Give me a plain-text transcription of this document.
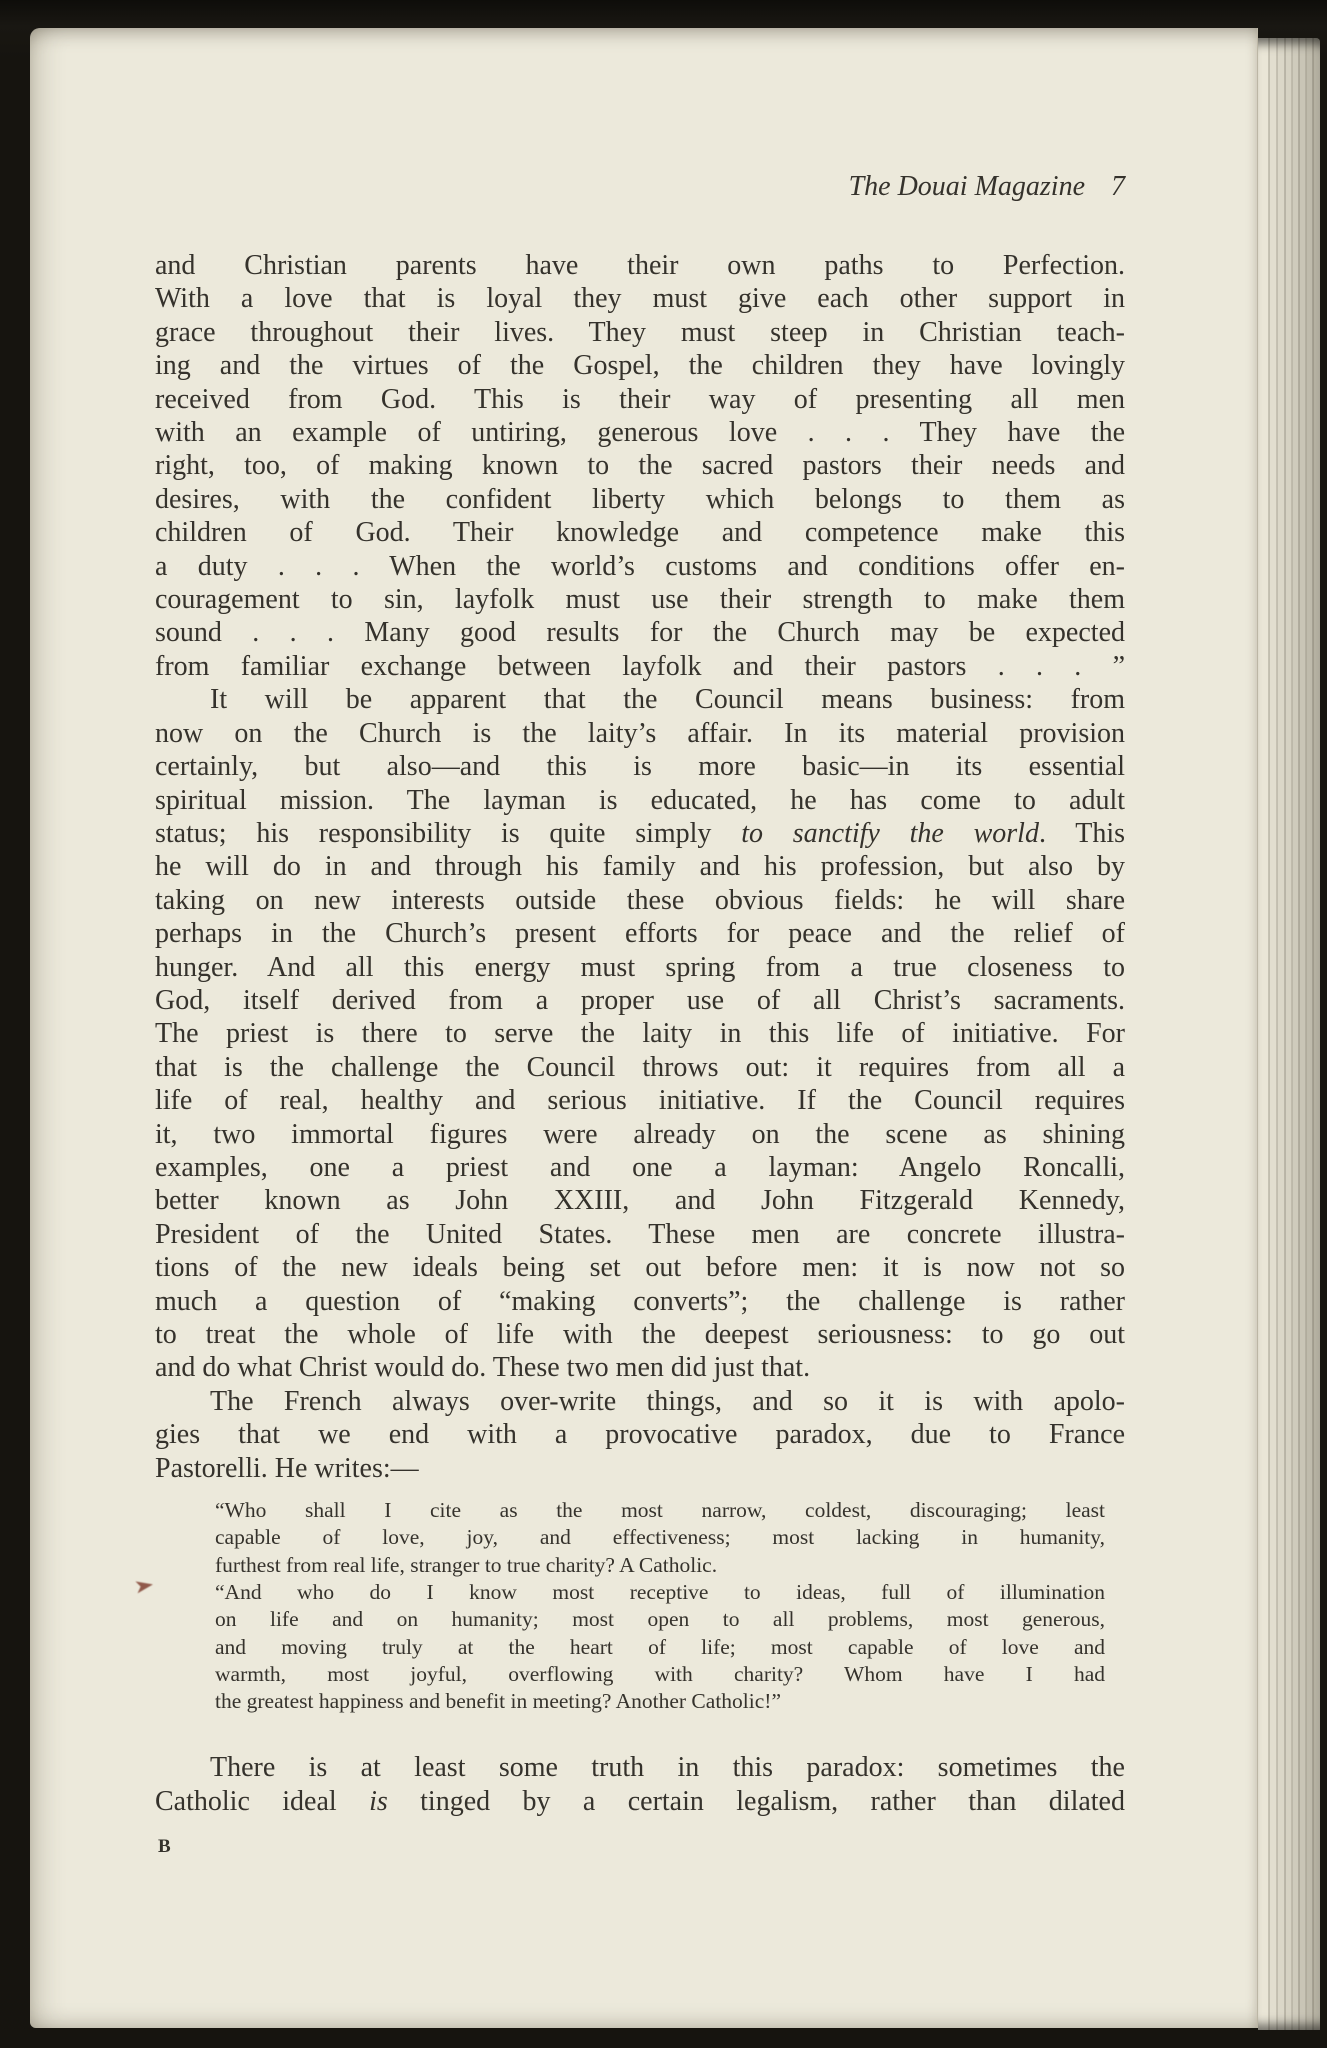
The Douai Magazine 7
and Christian parents have their own paths to Perfection.
With a love that is loyal they must give each other support in
grace throughout their lives. They must steep in Christian teach-
ing and the virtues of the Gospel, the children they have lovingly
received from God. This is their way of presenting all men
with an example of untiring, generous love . . . They have the
right, too, of making known to the sacred pastors their needs and
desires, with the confident liberty which belongs to them as
children of God. Their knowledge and competence make this
a duty . . . When the world’s customs and conditions offer en-
couragement to sin, layfolk must use their strength to make them
sound . . . Many good results for the Church may be expected
from familiar exchange between layfolk and their pastors . . . ”
It will be apparent that the Council means business: from
now on the Church is the laity’s affair. In its material provision
certainly, but also—and this is more basic—in its essential
spiritual mission. The layman is educated, he has come to adult
status; his responsibility is quite simply to sanctify the world. This
he will do in and through his family and his profession, but also by
taking on new interests outside these obvious fields: he will share
perhaps in the Church’s present efforts for peace and the relief of
hunger. And all this energy must spring from a true closeness to
God, itself derived from a proper use of all Christ’s sacraments.
The priest is there to serve the laity in this life of initiative. For
that is the challenge the Council throws out: it requires from all a
life of real, healthy and serious initiative. If the Council requires
it, two immortal figures were already on the scene as shining
examples, one a priest and one a layman: Angelo Roncalli,
better known as John XXIII, and John Fitzgerald Kennedy,
President of the United States. These men are concrete illustra-
tions of the new ideals being set out before men: it is now not so
much a question of “making converts”; the challenge is rather
to treat the whole of life with the deepest seriousness: to go out
and do what Christ would do. These two men did just that.
The French always over-write things, and so it is with apolo-
gies that we end with a provocative paradox, due to France
Pastorelli. He writes:—
“Who shall I cite as the most narrow, coldest, discouraging; least
capable of love, joy, and effectiveness; most lacking in humanity,
furthest from real life, stranger to true charity? A Catholic.
“And who do I know most receptive to ideas, full of illumination
on life and on humanity; most open to all problems, most generous,
and moving truly at the heart of life; most capable of love and
warmth, most joyful, overflowing with charity? Whom have I had
the greatest happiness and benefit in meeting? Another Catholic!”
There is at least some truth in this paradox: sometimes the
Catholic ideal is tinged by a certain legalism, rather than dilated
➤
B
